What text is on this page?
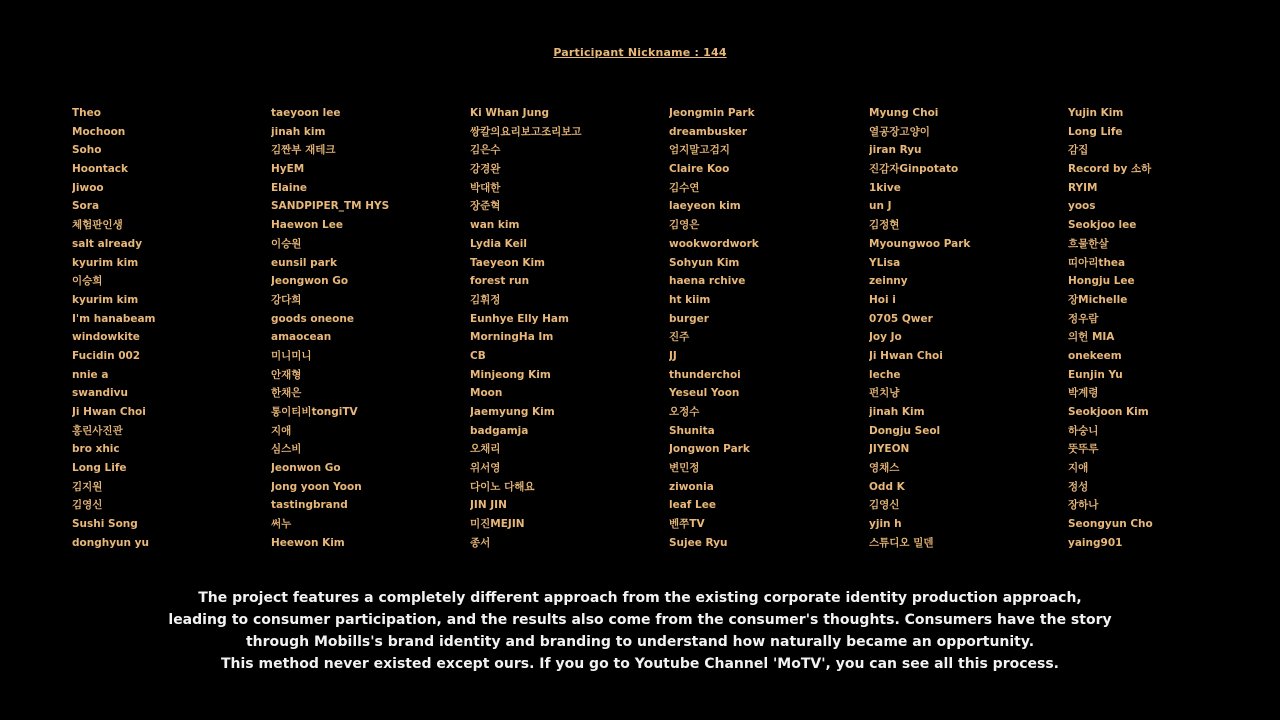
Participant Nickname : 144
Theo
Mochoon
Soho
Hoontack
Jiwoo
Sora
체험판인생
salt already
kyurim kim
이승희
kyurim kim
I'm hanabeam
windowkite
Fucidin 002
nnie a
swandivu
Ji Hwan Choi
홍린사진관
bro xhic
Long Life
김지원
김영신
Sushi Song
donghyun yu
taeyoon lee
jinah kim
김짠부 재테크
HyEM
Elaine
SANDPIPER_TM HYS
Haewon Lee
이승원
eunsil park
Jeongwon Go
강다희
goods oneone
amaocean
미니미니
안재형
한채은
통이티비tongiTV
지애
심스비
Jeonwon Go
Jong yoon Yoon
tastingbrand
써누
Heewon Kim
Ki Whan Jung
쌍칼의요리보고조리보고
김은수
강경완
박대한
장준혁
wan kim
Lydia Keil
Taeyeon Kim
forest run
김휘정
Eunhye Elly Ham
MorningHa Im
CB
Minjeong Kim
Moon
Jaemyung Kim
badgamja
오채리
위서영
다이노 다해요
JIN JIN
미진MEJIN
종서
Jeongmin Park
dreambusker
엄지말고검지
Claire Koo
김수연
laeyeon kim
김영은
wookwordwork
Sohyun Kim
haena rchive
ht kiim
burger
진주
JJ
thunderchoi
Yeseul Yoon
오정수
Shunita
Jongwon Park
변민정
ziwonia
leaf Lee
벤쭈TV
Sujee Ryu
Myung Choi
열공장고양이
jiran Ryu
진감자Ginpotato
1kive
un J
김정현
Myoungwoo Park
YLisa
zeinny
Hoi i
0705 Qwer
Joy Jo
Ji Hwan Choi
leche
펀치냥
jinah Kim
Dongju Seol
JIYEON
영채스
Odd K
김영신
yjin h
스튜디오 밀덴
Yujin Kim
Long Life
감집
Record by 소하
RYIM
yoos
Seokjoo lee
흐물한살
띠아리thea
Hongju Lee
장Michelle
정우람
의헌 MIA
onekeem
Eunjin Yu
박계령
Seokjoon Kim
하숭니
뚯뚜루
지애
정성
장하나
Seongyun Cho
yaing901
The project features a completely different approach from the existing corporate identity production approach,
leading to consumer participation, and the results also come from the consumer's thoughts. Consumers have the story
through Mobills's brand identity and branding to understand how naturally became an opportunity.
This method never existed except ours. If you go to Youtube Channel 'MoTV', you can see all this process.
